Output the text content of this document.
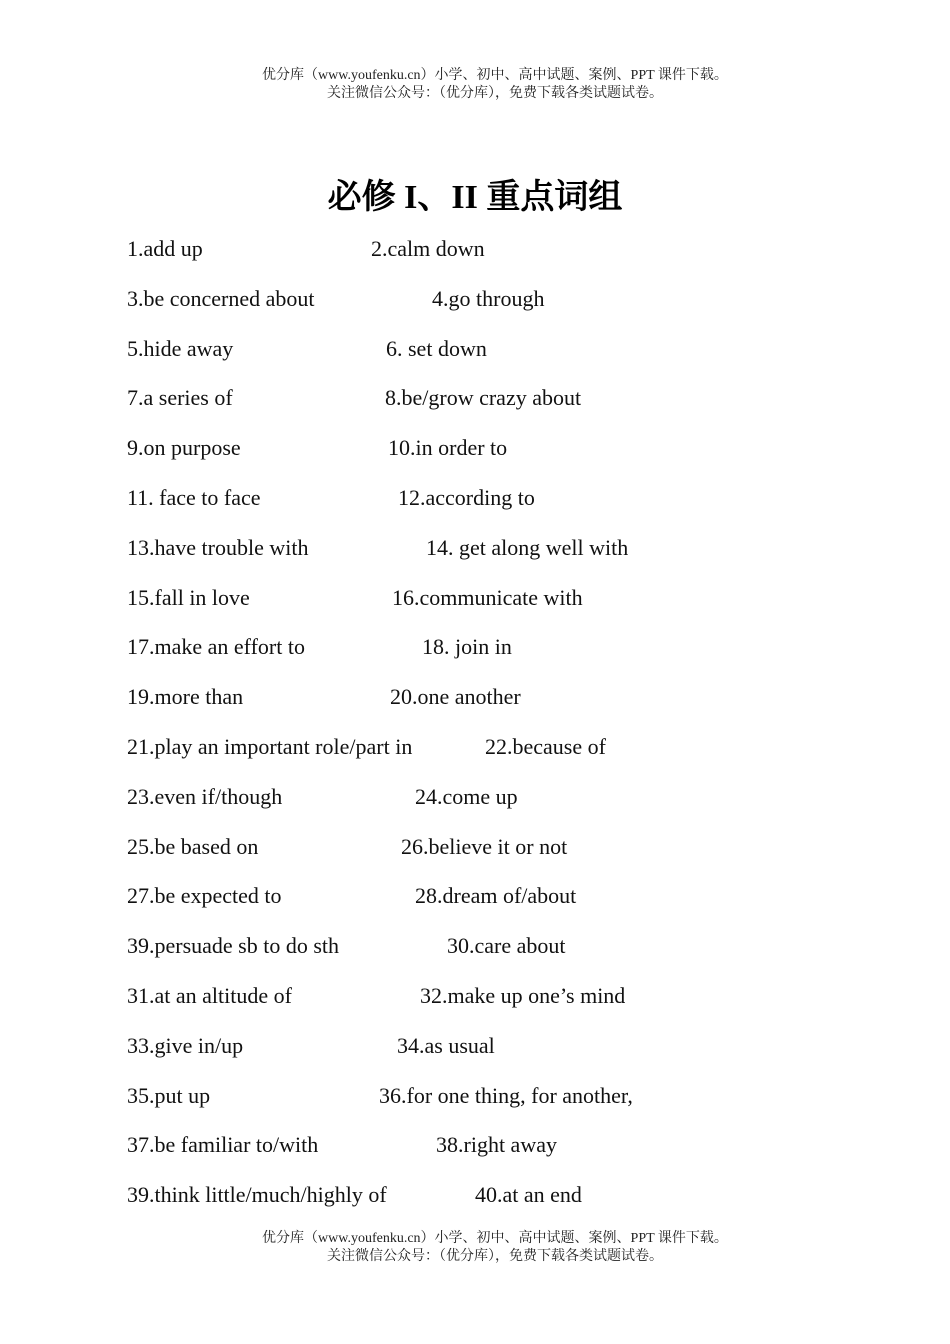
优分库（www.youfenku.cn）小学、初中、高中试题、案例、PPT 课件下载。
关注微信公众号：（优分库），免费下载各类试题试卷。
必修 I、II 重点词组
1.add up	2.calm down
3.be concerned about	4.go through
5.hide away	6. set down
7.a series of	8.be/grow crazy about
9.on purpose	10.in order to
11. face to face	12.according to
13.have trouble with	14. get along well with
15.fall in love	16.communicate with
17.make an effort to	18. join in
19.more than	20.one another
21.play an important role/part in	22.because of
23.even if/though	24.come up
25.be based on	26.believe it or not
27.be expected to	28.dream of/about
39.persuade sb to do sth	30.care about
31.at an altitude of	32.make up one’s mind
33.give in/up	34.as usual
35.put up	36.for one thing, for another,
37.be familiar to/with	38.right away
39.think little/much/highly of	40.at an end
优分库（www.youfenku.cn）小学、初中、高中试题、案例、PPT 课件下载。
关注微信公众号：（优分库），免费下载各类试题试卷。
